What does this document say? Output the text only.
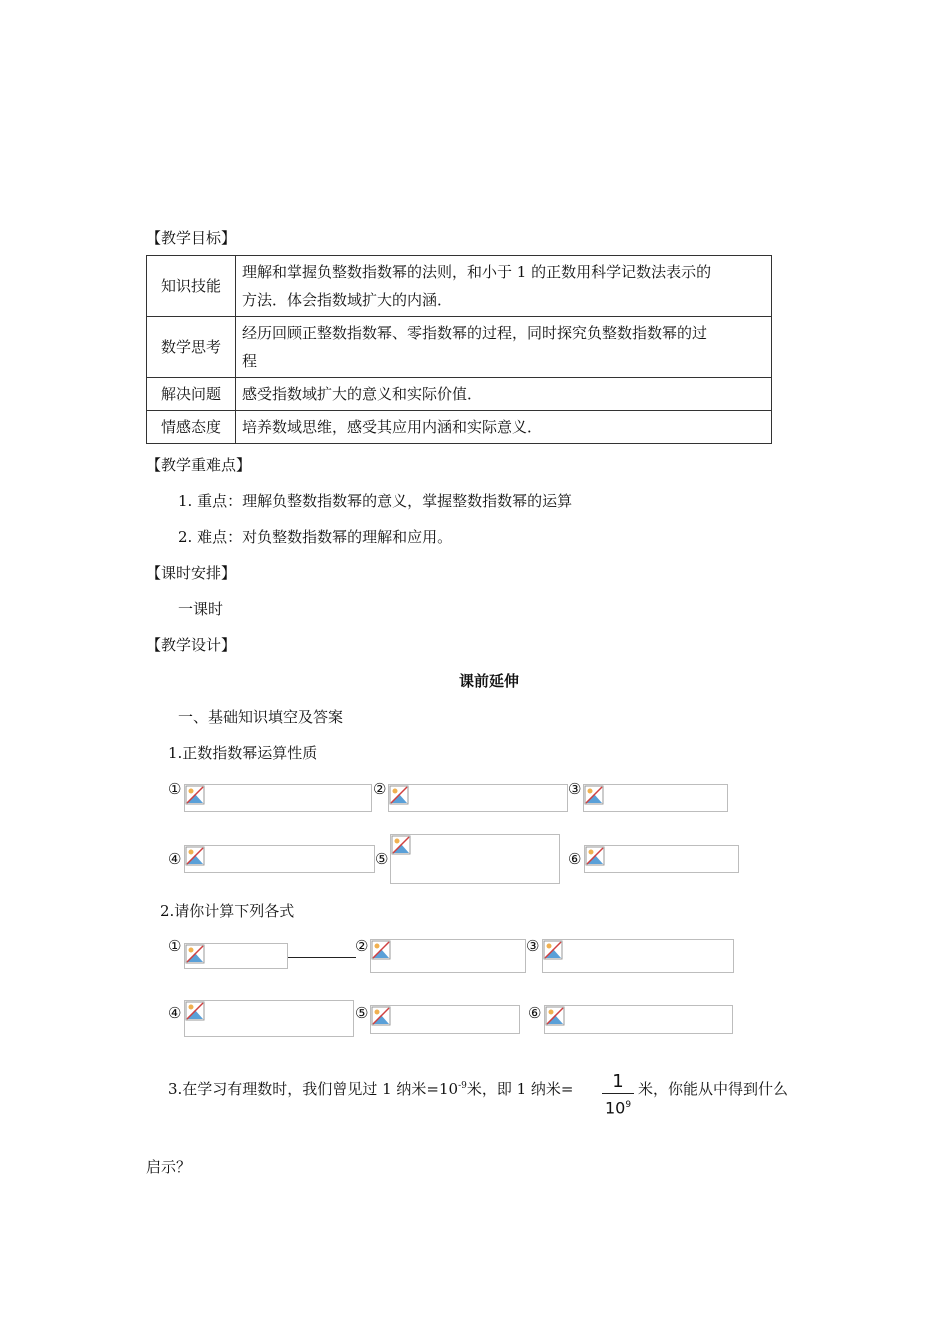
【教学目标】
知识技能	理解和掌握负整数指数幂的法则，和小于 1 的正数用科学记数法表示的
方法．体会指数域扩大的内涵．

数学思考	经历回顾正整数指数幂、零指数幂的过程，同时探究负整数指数幂的过
程

解决问题	感受指数域扩大的意义和实际价值．
情感态度	培养数域思维，感受其应用内涵和实际意义．
【教学重难点】
1. 重点：理解负整数指数幂的意义，掌握整数指数幂的运算
2. 难点：对负整数指数幂的理解和应用。
【课时安排】
一课时
【教学设计】
课前延伸
一、基础知识填空及答案
1.正数指数幂运算性质
①	②	③
④	⑤	⑥
2.请你计算下列各式
①	②	③
④	⑤	⑥
3.在学习有理数时，我们曾见过 1 纳米$=10^{-9}$米，即 1 纳米= $\frac{1}{10^9}$ 米，你能从中得到什么
启示？
